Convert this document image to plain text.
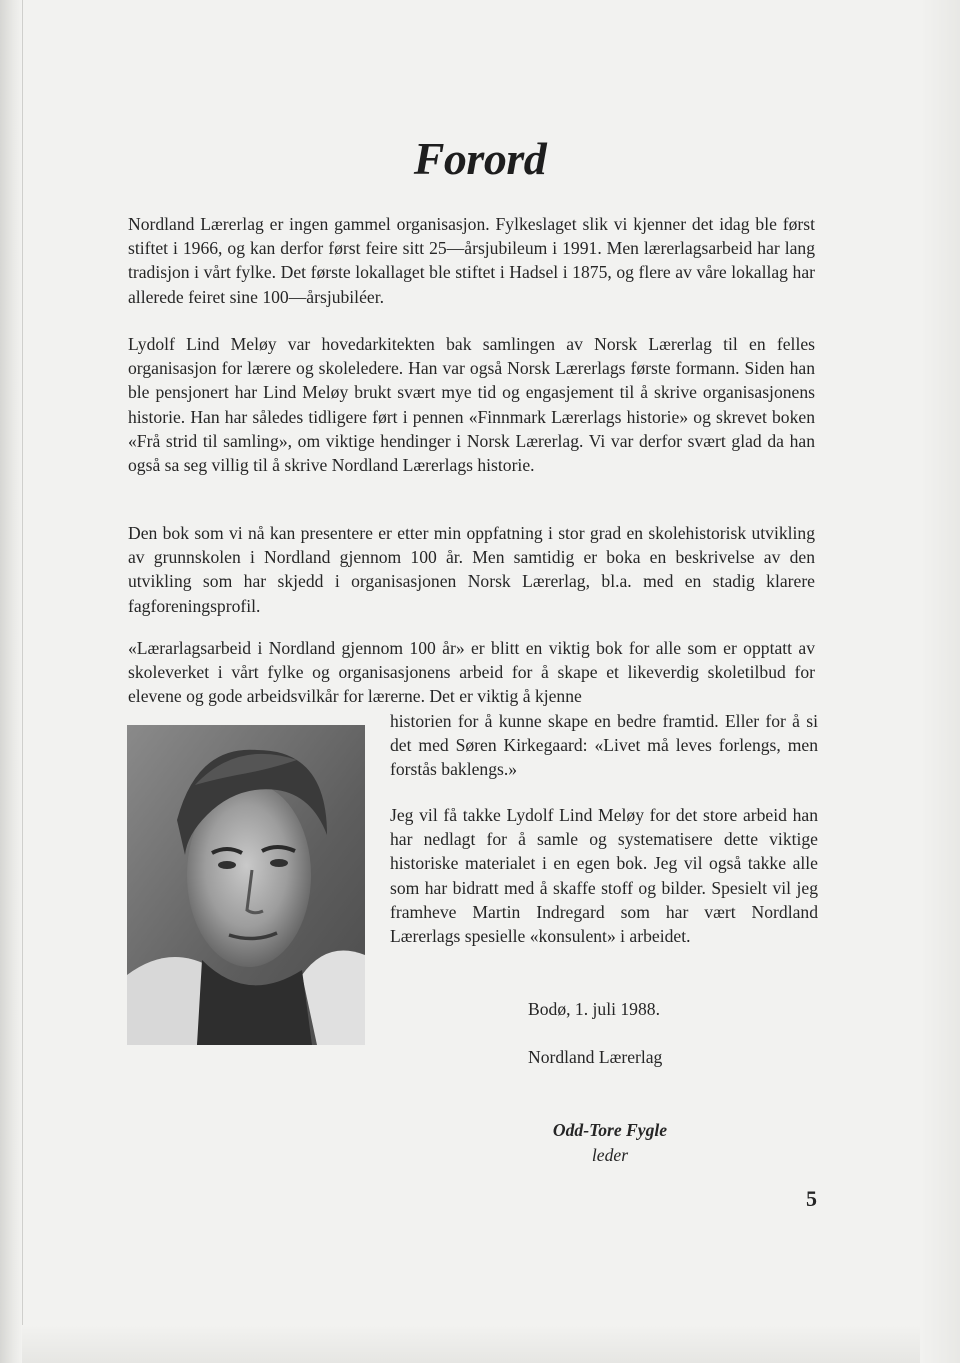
Forord

Nordland Lærerlag er ingen gammel organisasjon. Fylkeslaget slik vi kjenner det idag ble først stiftet i 1966, og kan derfor først feire sitt 25—årsjubileum i 1991. Men lærerlagsarbeid har lang tradisjon i vårt fylke. Det første lokallaget ble stiftet i Hadsel i 1875, og flere av våre lokallag har allerede feiret sine 100—årsjubiléer.

Lydolf Lind Meløy var hovedarkitekten bak samlingen av Norsk Lærerlag til en felles organisasjon for lærere og skoleledere. Han var også Norsk Lærerlags første formann. Siden han ble pensjonert har Lind Meløy brukt svært mye tid og engasjement til å skrive organisasjonens historie. Han har således tidligere ført i pennen «Finnmark Lærerlags historie» og skrevet boken «Frå strid til samling», om viktige hendinger i Norsk Lærerlag. Vi var derfor svært glad da han også sa seg villig til å skrive Nordland Lærerlags historie.

Den bok som vi nå kan presentere er etter min oppfatning i stor grad en skolehistorisk utvikling av grunnskolen i Nordland gjennom 100 år. Men samtidig er boka en beskrivelse av den utvikling som har skjedd i organisasjonen Norsk Lærerlag, bl.a. med en stadig klarere fagforeningsprofil.

«Lærarlagsarbeid i Nordland gjennom 100 år» er blitt en viktig bok for alle som er opptatt av skoleverket i vårt fylke og organisasjonens arbeid for å skape et likeverdig skoletilbud for elevene og gode arbeidsvilkår for lærerne. Det er viktig å kjenne

historien for å kunne skape en bedre framtid. Eller for å si det med Søren Kirkegaard: «Livet må leves forlengs, men forstås baklengs.»

Jeg vil få takke Lydolf Lind Meløy for det store arbeid han har nedlagt for å samle og systematisere dette viktige historiske materialet i en egen bok. Jeg vil også takke alle som har bidratt med å skaffe stoff og bilder. Spesielt vil jeg framheve Martin Indregard som har vært Nordland Lærerlags spesielle «konsulent» i arbeidet.

Bodø, 1. juli 1988.

Nordland Lærerlag

Odd-Tore Fygle

leder

5
